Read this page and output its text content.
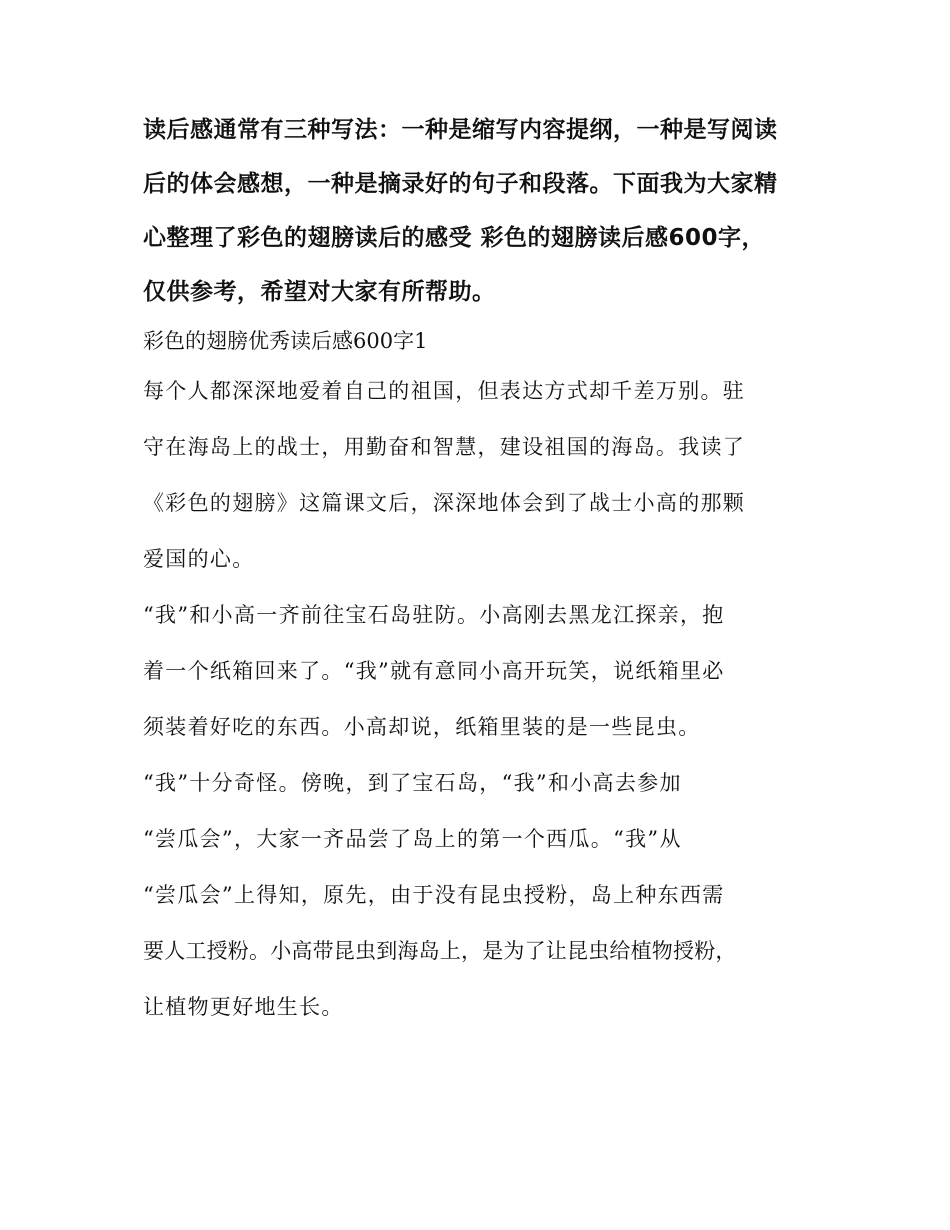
读后感通常有三种写法：一种是缩写内容提纲，一种是写阅读
后的体会感想，一种是摘录好的句子和段落。下面我为大家精
心整理了彩色的翅膀读后的感受 彩色的翅膀读后感600字，
仅供参考，希望对大家有所帮助。
彩色的翅膀优秀读后感600字1
每个人都深深地爱着自己的祖国，但表达方式却千差万别。驻
守在海岛上的战士，用勤奋和智慧，建设祖国的海岛。我读了
《彩色的翅膀》这篇课文后，深深地体会到了战士小高的那颗
爱国的心。
“我”和小高一齐前往宝石岛驻防。小高刚去黑龙江探亲，抱
着一个纸箱回来了。“我”就有意同小高开玩笑，说纸箱里必
须装着好吃的东西。小高却说，纸箱里装的是一些昆虫。
“我”十分奇怪。傍晚，到了宝石岛，“我”和小高去参加
“尝瓜会”，大家一齐品尝了岛上的第一个西瓜。“我”从
“尝瓜会”上得知，原先，由于没有昆虫授粉，岛上种东西需
要人工授粉。小高带昆虫到海岛上，是为了让昆虫给植物授粉，
让植物更好地生长。
